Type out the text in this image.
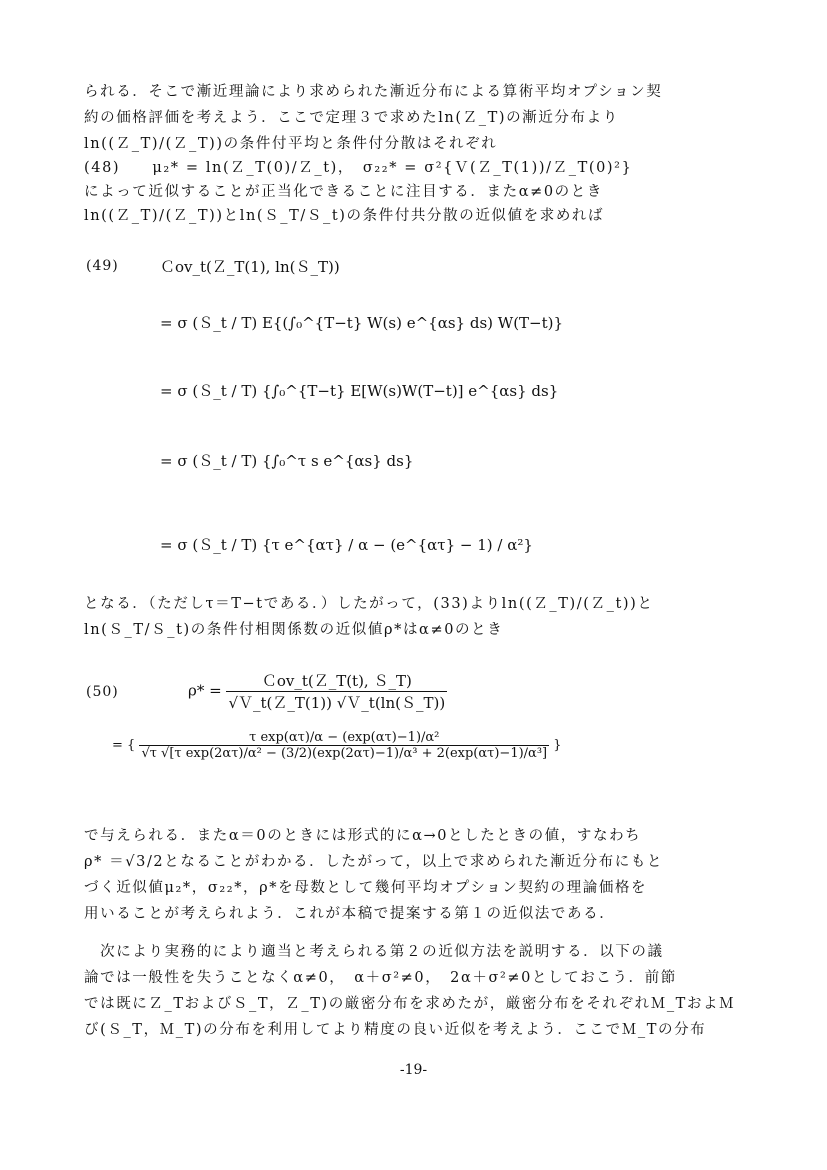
られる．そこで漸近理論により求められた漸近分布による算術平均オプション契
約の価格評価を考えよう．ここで定理３で求めたln(Ｚ_T)の漸近分布より
ln((Ｚ_T)/(Ｚ_T))の条件付平均と条件付分散はそれぞれ
(48)　　μ₂* = ln(Ｚ_T(0)/Ｚ_t)，　σ₂₂* = σ²{Ｖ(Ｚ_T(1))/Ｚ_T(0)²}
によって近似することが正当化できることに注目する．またα≠0のとき
ln((Ｚ_T)/(Ｚ_T))とln(Ｓ_T/Ｓ_t)の条件付共分散の近似値を求めれば
(49)	Ｃov_t(Ｚ_T(1), ln(Ｓ_T))
= σ (Ｓ_t / T) E{(∫₀^{T−t} W(s) e^{αs} ds) W(T−t)}
= σ (Ｓ_t / T) {∫₀^{T−t} E[W(s)W(T−t)] e^{αs} ds}
= σ (Ｓ_t / T) {∫₀^τ s e^{αs} ds}
= σ (Ｓ_t / T) {τ e^{ατ} / α − (e^{ατ} − 1) / α²}
となる．（ただしτ＝T−tである．）したがって，(33)よりln((Ｚ_T)/(Ｚ_t))と
ln(Ｓ_T/Ｓ_t)の条件付相関係数の近似値ρ*はα≠0のとき
(50)	$\rho* = \frac{\text{Ｃov\_t(Ｚ\_T(t), Ｓ\_T)}}{\text{√Ｖ\_t(Ｚ\_T(1)) √Ｖ\_t(ln(Ｓ\_T))}}$
= { $\frac{\text{τ exp(ατ)/α − (exp(ατ)−1)/α²}}{\text{√τ √[τ exp(2ατ)/α² − (3/2)(exp(2ατ)−1)/α³ + 2(exp(ατ)−1)/α³]}}$ }
で与えられる．またα＝0のときには形式的にα→0としたときの値，すなわち
ρ* ＝√3/2となることがわかる．したがって，以上で求められた漸近分布にもと
づく近似値μ₂*，σ₂₂*，ρ*を母数として幾何平均オプション契約の理論価格を
用いることが考えられよう．これが本稿で提案する第１の近似法である．
　次により実務的により適当と考えられる第２の近似方法を説明する．以下の議
論では一般性を失うことなくα≠0，　α＋σ²≠0，　2α＋σ²≠0としておこう．前節
では既にＺ_TおよびＳ_T，Ｚ_T)の厳密分布を求めたが，厳密分布をそれぞれＭ_TおよＭ
び(Ｓ_T，Ｍ_T)の分布を利用してより精度の良い近似を考えよう．ここでＭ_Tの分布
-19-
